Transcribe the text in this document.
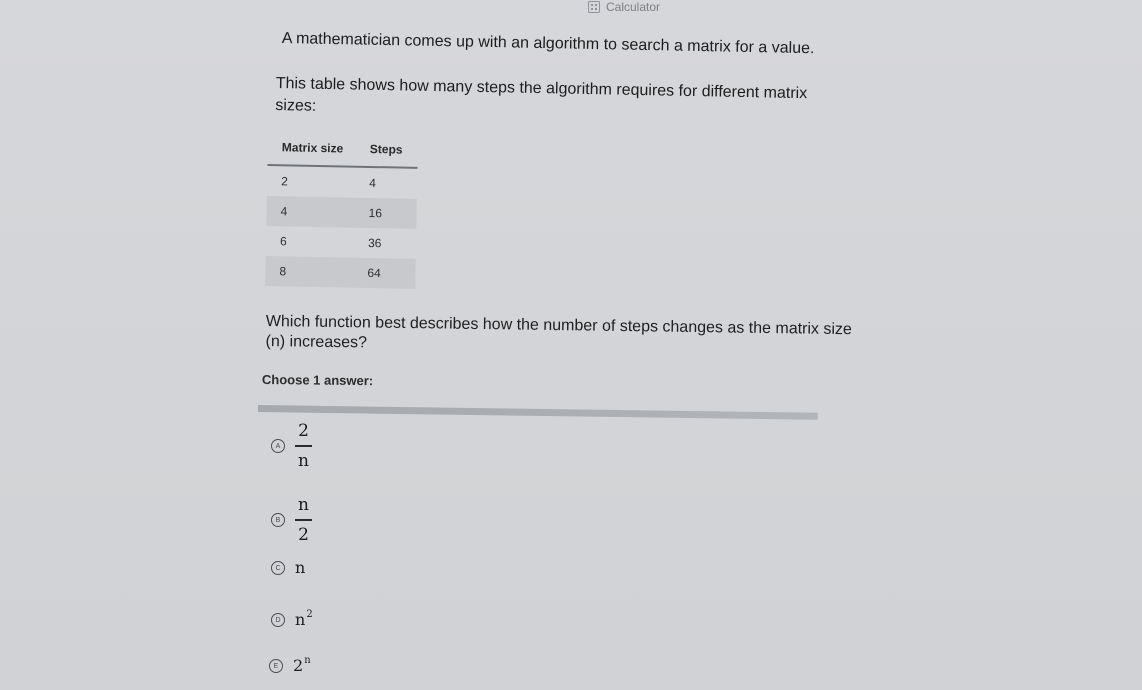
Calculator
A mathematician comes up with an algorithm to search a matrix for a value.
This table shows how many steps the algorithm requires for different matrix sizes:
Matrix size	Steps
2	4
4	16
6	36
8	64
Which function best describes how the number of steps changes as the matrix size (n) increases?
Choose 1 answer:
A $\frac{2}{n}$
B $\frac{n}{2}$
C n
D $n^2$
E 2$^n$
